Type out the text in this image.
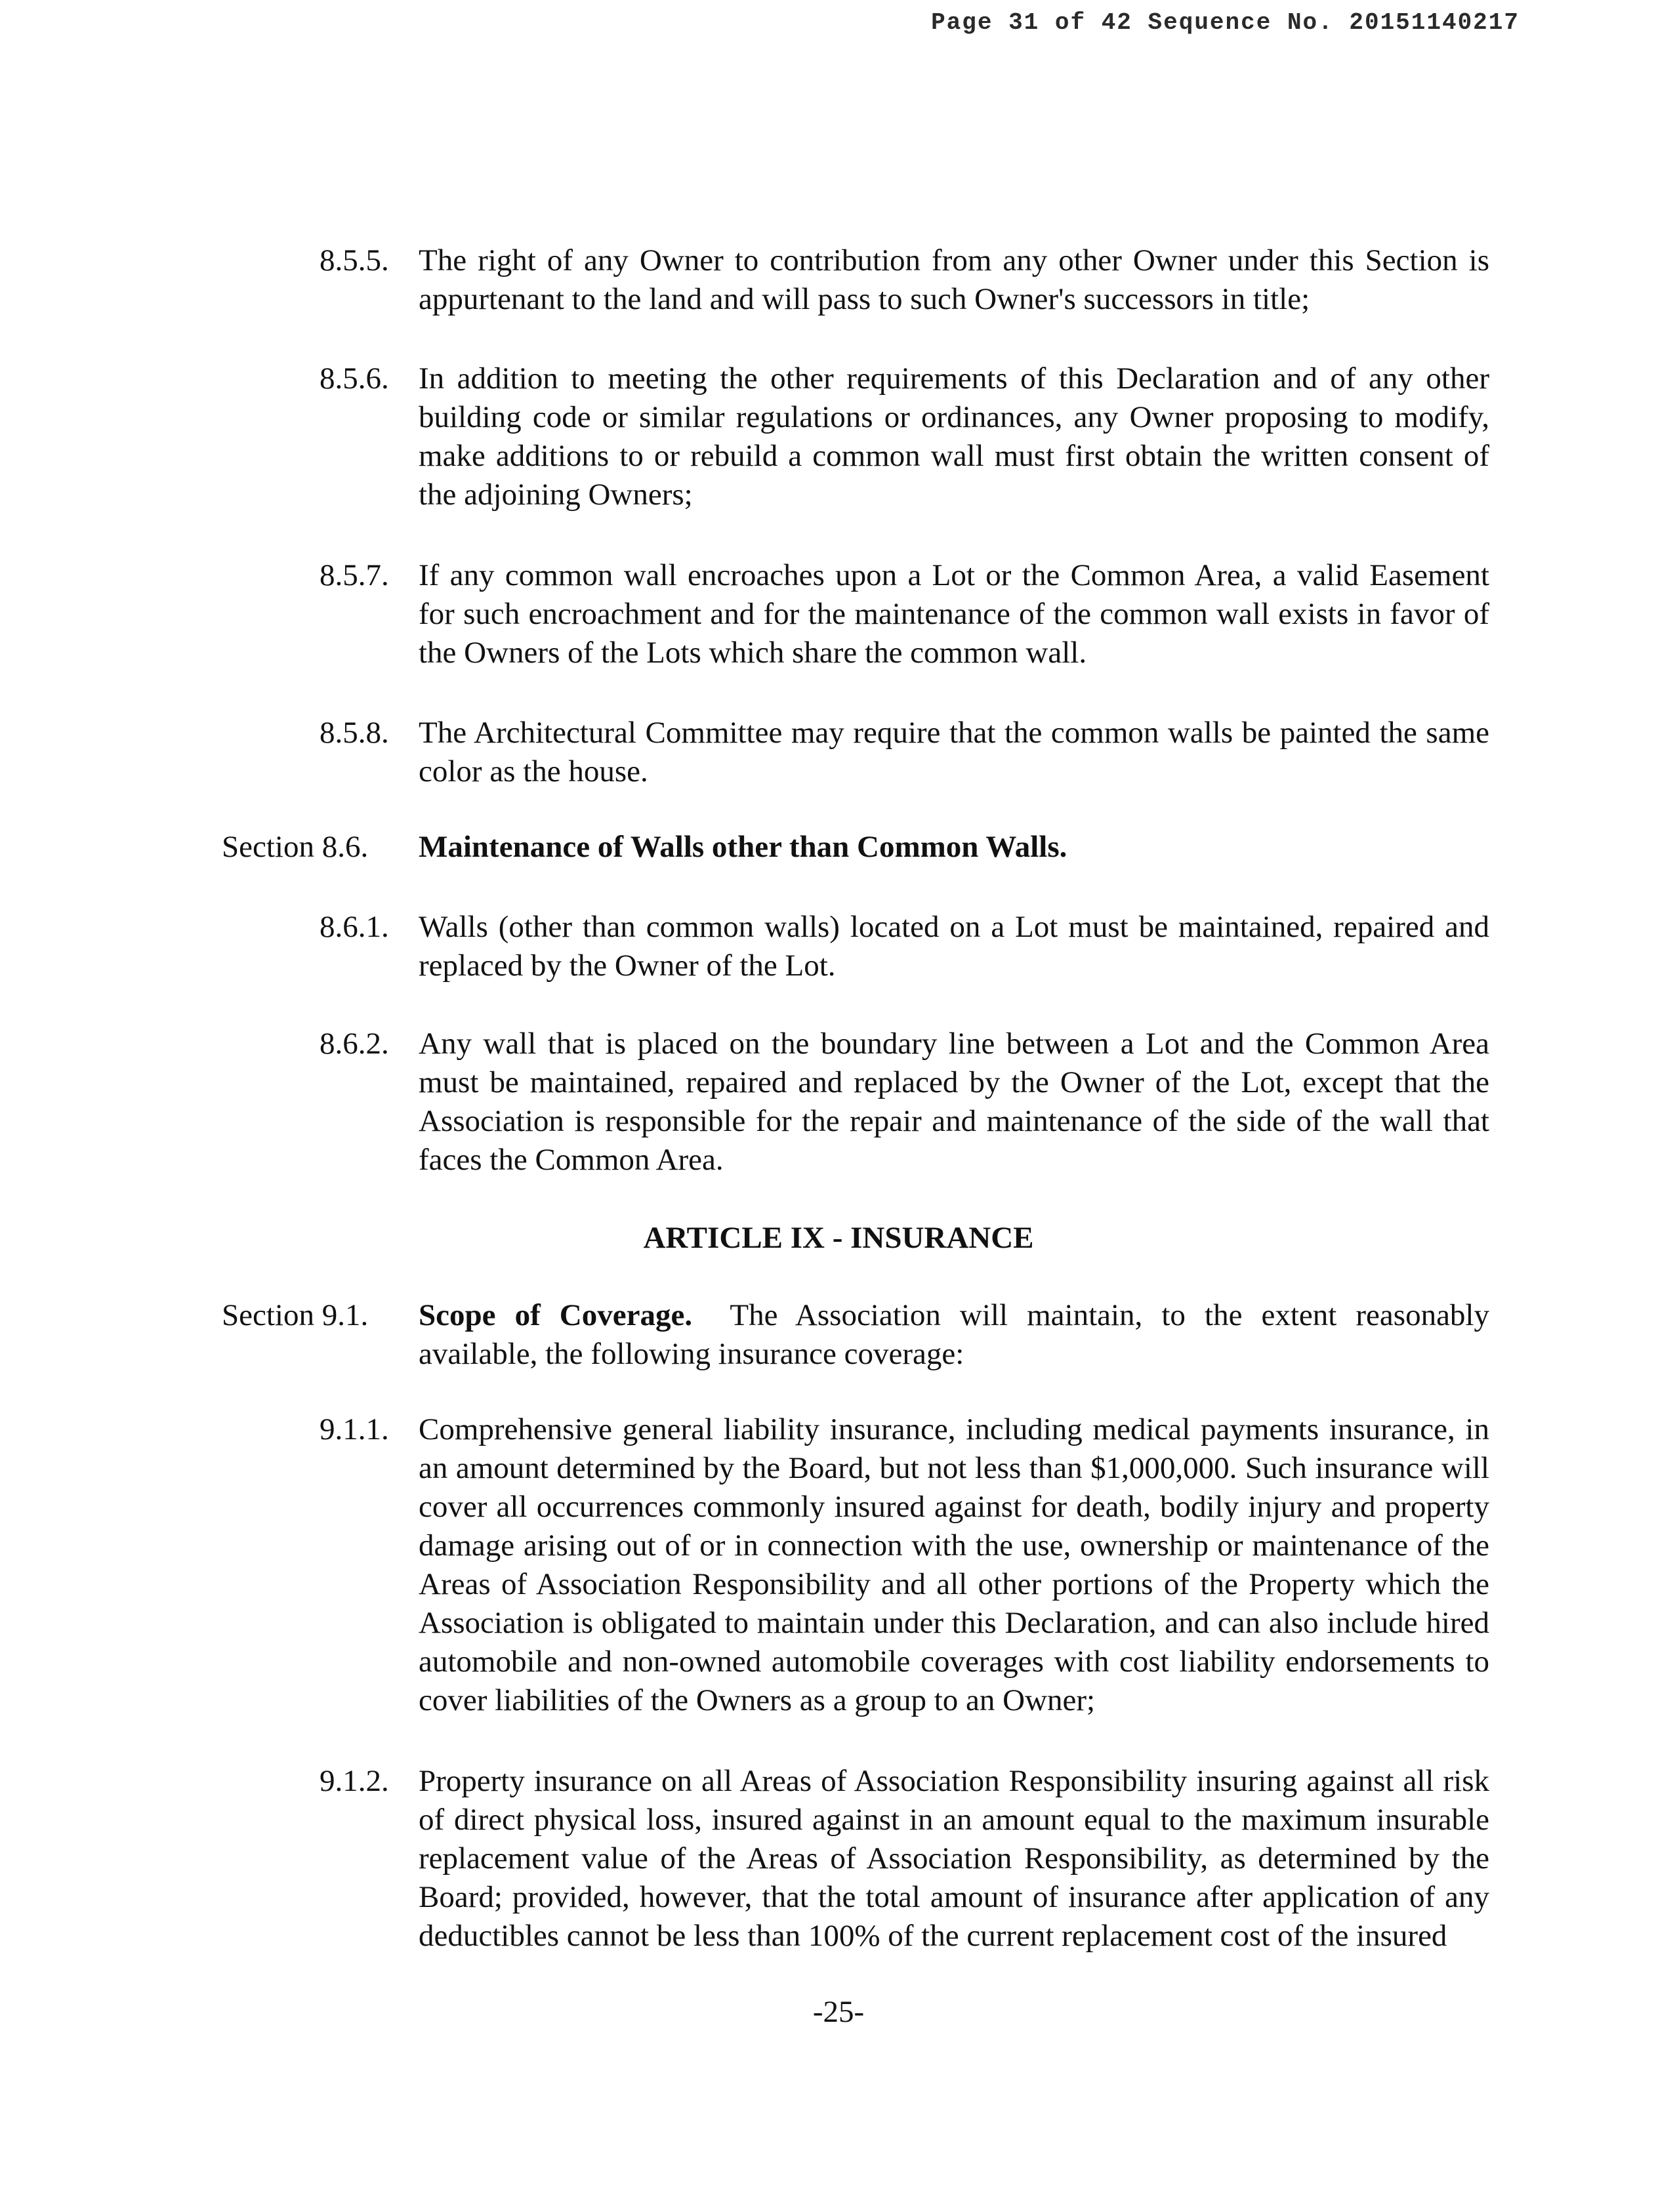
Page 31 of 42 Sequence No. 20151140217
8.5.5. The right of any Owner to contribution from any other Owner under this Section is appurtenant to the land and will pass to such Owner's successors in title;
8.5.6. In addition to meeting the other requirements of this Declaration and of any other building code or similar regulations or ordinances, any Owner proposing to modify, make additions to or rebuild a common wall must first obtain the written consent of the adjoining Owners;
8.5.7. If any common wall encroaches upon a Lot or the Common Area, a valid Easement for such encroachment and for the maintenance of the common wall exists in favor of the Owners of the Lots which share the common wall.
8.5.8. The Architectural Committee may require that the common walls be painted the same color as the house.
Section 8.6. Maintenance of Walls other than Common Walls.
8.6.1. Walls (other than common walls) located on a Lot must be maintained, repaired and replaced by the Owner of the Lot.
8.6.2. Any wall that is placed on the boundary line between a Lot and the Common Area must be maintained, repaired and replaced by the Owner of the Lot, except that the Association is responsible for the repair and maintenance of the side of the wall that faces the Common Area.
ARTICLE IX - INSURANCE
Section 9.1. Scope of Coverage. The Association will maintain, to the extent reasonably available, the following insurance coverage:
9.1.1. Comprehensive general liability insurance, including medical payments insurance, in an amount determined by the Board, but not less than $1,000,000. Such insurance will cover all occurrences commonly insured against for death, bodily injury and property damage arising out of or in connection with the use, ownership or maintenance of the Areas of Association Responsibility and all other portions of the Property which the Association is obligated to maintain under this Declaration, and can also include hired automobile and non-owned automobile coverages with cost liability endorsements to cover liabilities of the Owners as a group to an Owner;
9.1.2. Property insurance on all Areas of Association Responsibility insuring against all risk of direct physical loss, insured against in an amount equal to the maximum insurable replacement value of the Areas of Association Responsibility, as determined by the Board; provided, however, that the total amount of insurance after application of any deductibles cannot be less than 100% of the current replacement cost of the insured
-25-
